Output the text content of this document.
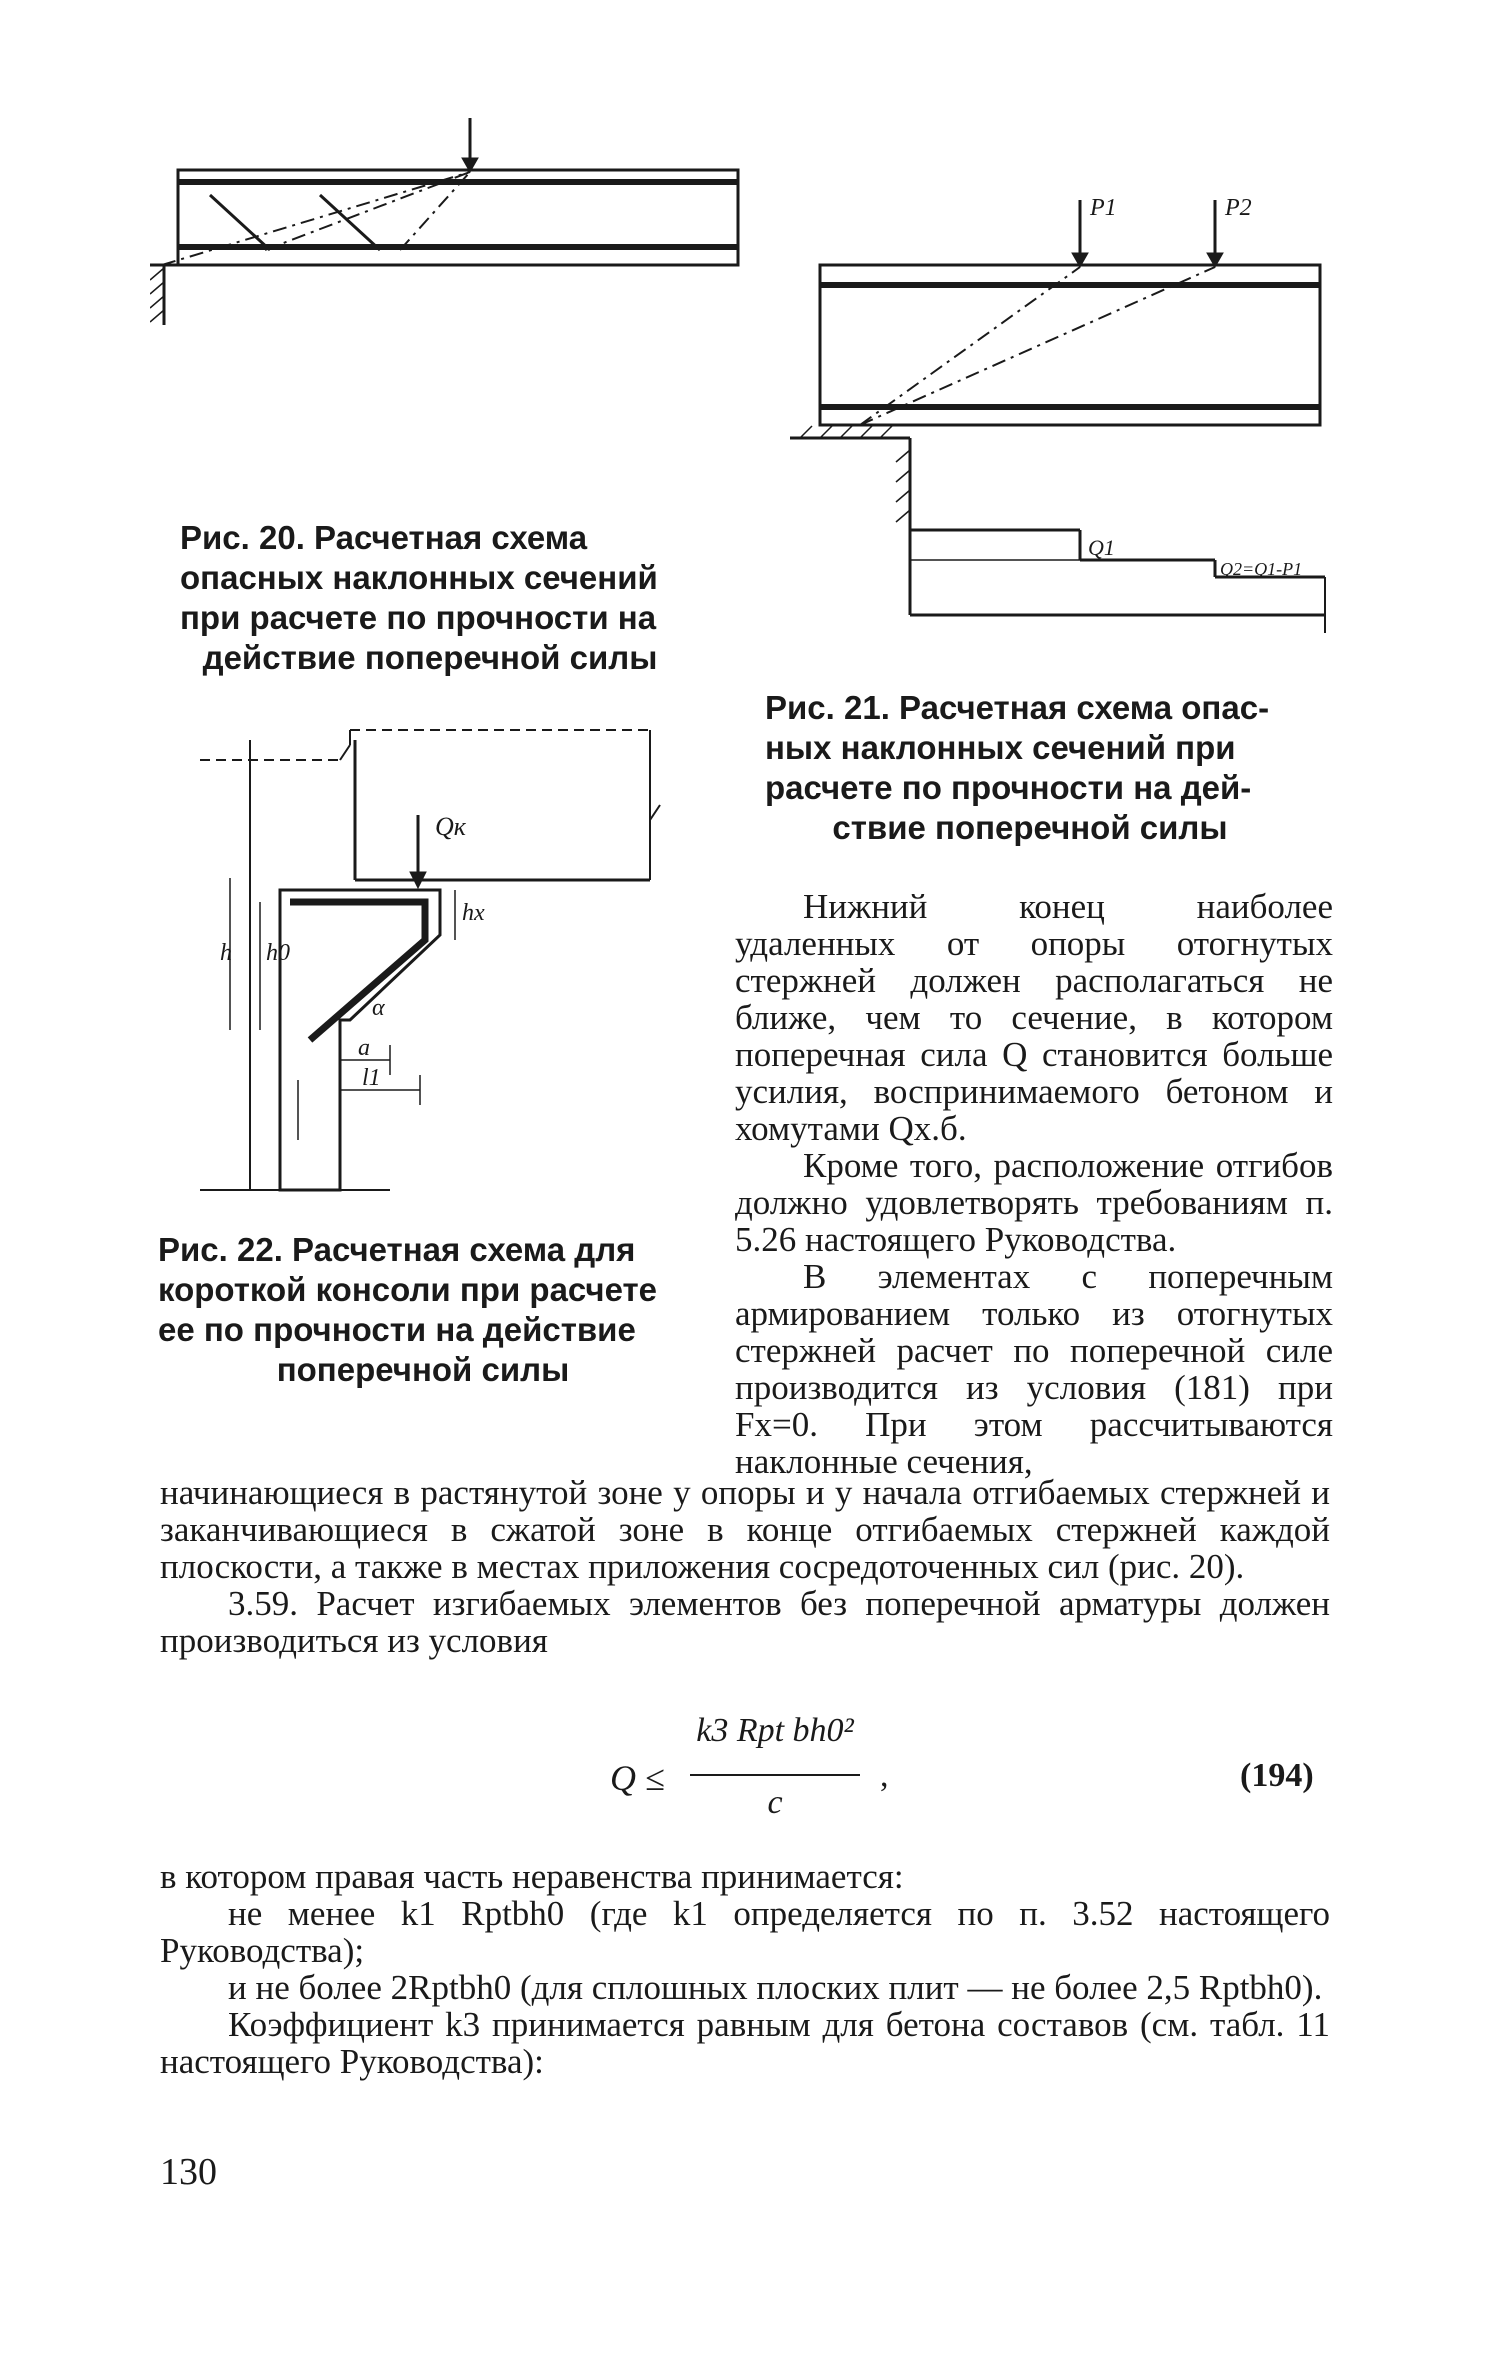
Рис. 20. Расчетная схема
опасных наклонных сечений
при расчете по прочности на
действие поперечной силы
P1	P2
Q1
Q2=Q1-P1
Рис. 21. Расчетная схема опас-
ных наклонных сечений при
расчете по прочности на дей-
ствие поперечной силы
Qк
h h0
hx
α
a
l1
Рис. 22. Расчетная схема для
короткой консоли при расчете
ее по прочности на действие
поперечной силы

Нижний конец наиболее удаленных от опоры отогнутых стержней должен располагаться не ближе, чем то сечение, в котором поперечная сила Q становится больше усилия, воспринимаемого бетоном и хомутами Qх.б.

Кроме того, расположение отгибов должно удовлетворять требованиям п. 5.26 настоящего Руководства.

В элементах с поперечным армированием только из отогнутых стержней расчет по поперечной силе производится из условия (181) при Fх=0. При этом рассчитываются наклонные сечения,

начинающиеся в растянутой зоне у опоры и у начала отгибаемых стержней и заканчивающиеся в сжатой зоне в конце отгибаемых стержней каждой плоскости, а также в местах приложения сосредоточенных сил (рис. 20).

3.59. Расчет изгибаемых элементов без поперечной арматуры должен производиться из условия

Q ≤
k3 Rpt bh0²
c
,	(194)

в котором правая часть неравенства принимается:

не менее k1 Rptbh0 (где k1 определяется по п. 3.52 настоящего Руководства);

и не более 2Rptbh0 (для сплошных плоских плит — не более 2,5 Rptbh0).

Коэффициент k3 принимается равным для бетона составов (см. табл. 11 настоящего Руководства):

130
